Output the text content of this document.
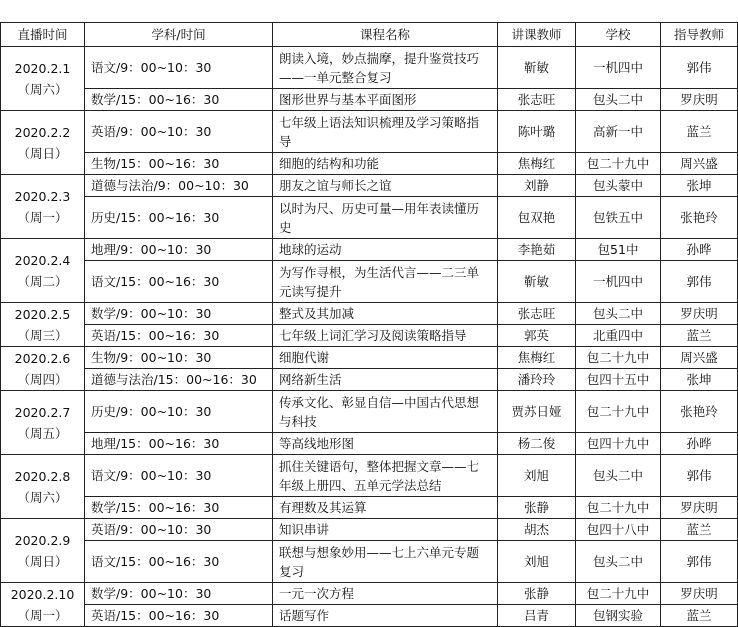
直播时间	学科/时间	课程名称	讲课教师	学校	指导教师

2020.2.1
（周六）	语文/9：00~10：30	朗读入境，妙点揣摩，提升鉴赏技巧——一单元整合复习	靳敏	一机四中	郭伟
	数学/15：00~16：30	图形世界与基本平面图形	张志旺	包头二中	罗庆明

2020.2.2
（周日）	英语/9：00~10：30	七年级上语法知识梳理及学习策略指导	陈叶璐	高新一中	蓝兰
	生物/15：00~16：30	细胞的结构和功能	焦梅红	包二十九中	周兴盛

2020.2.3
（周一）	道德与法治/9：00~10：30	朋友之谊与师长之谊	刘静	包头蒙中	张坤
	历史/15：00~16：30	以时为尺、历史可量—用年表读懂历史	包双艳	包铁五中	张艳玲

2020.2.4
（周二）	地理/9：00~10：30	地球的运动	李艳茹	包51中	孙晔
	语文/15：00~16：30	为写作寻根，为生活代言——二三单元读写提升	靳敏	一机四中	郭伟

2020.2.5
（周三）	数学/9：00~10：30	整式及其加减	张志旺	包头二中	罗庆明
	英语/15：00~16：30	七年级上词汇学习及阅读策略指导	郭英	北重四中	蓝兰

2020.2.6
（周四）	生物/9：00~10：30	细胞代谢	焦梅红	包二十九中	周兴盛
	道德与法治/15：00~16：30	网络新生活	潘玲玲	包四十五中	张坤

2020.2.7
（周五）	历史/9：00~10：30	传承文化、彰显自信—中国古代思想与科技	贾苏日娅	包二十九中	张艳玲
	地理/15：00~16：30	等高线地形图	杨二俊	包四十九中	孙晔

2020.2.8
（周六）	语文/9：00~10：30	抓住关键语句，整体把握文章——七年级上册四、五单元学法总结	刘旭	包头二中	郭伟
	数学/15：00~16：30	有理数及其运算	张静	包二十九中	罗庆明

2020.2.9
（周日）	英语/9：00~10：30	知识串讲	胡杰	包四十八中	蓝兰
	语文/15：00~16：30	联想与想象妙用——七上六单元专题复习	刘旭	包头二中	郭伟

2020.2.10
（周一）	数学/9：00~10：30	一元一次方程	张静	包二十九中	罗庆明
	英语/15：00~16：30	话题写作	吕青	包钢实验	蓝兰
